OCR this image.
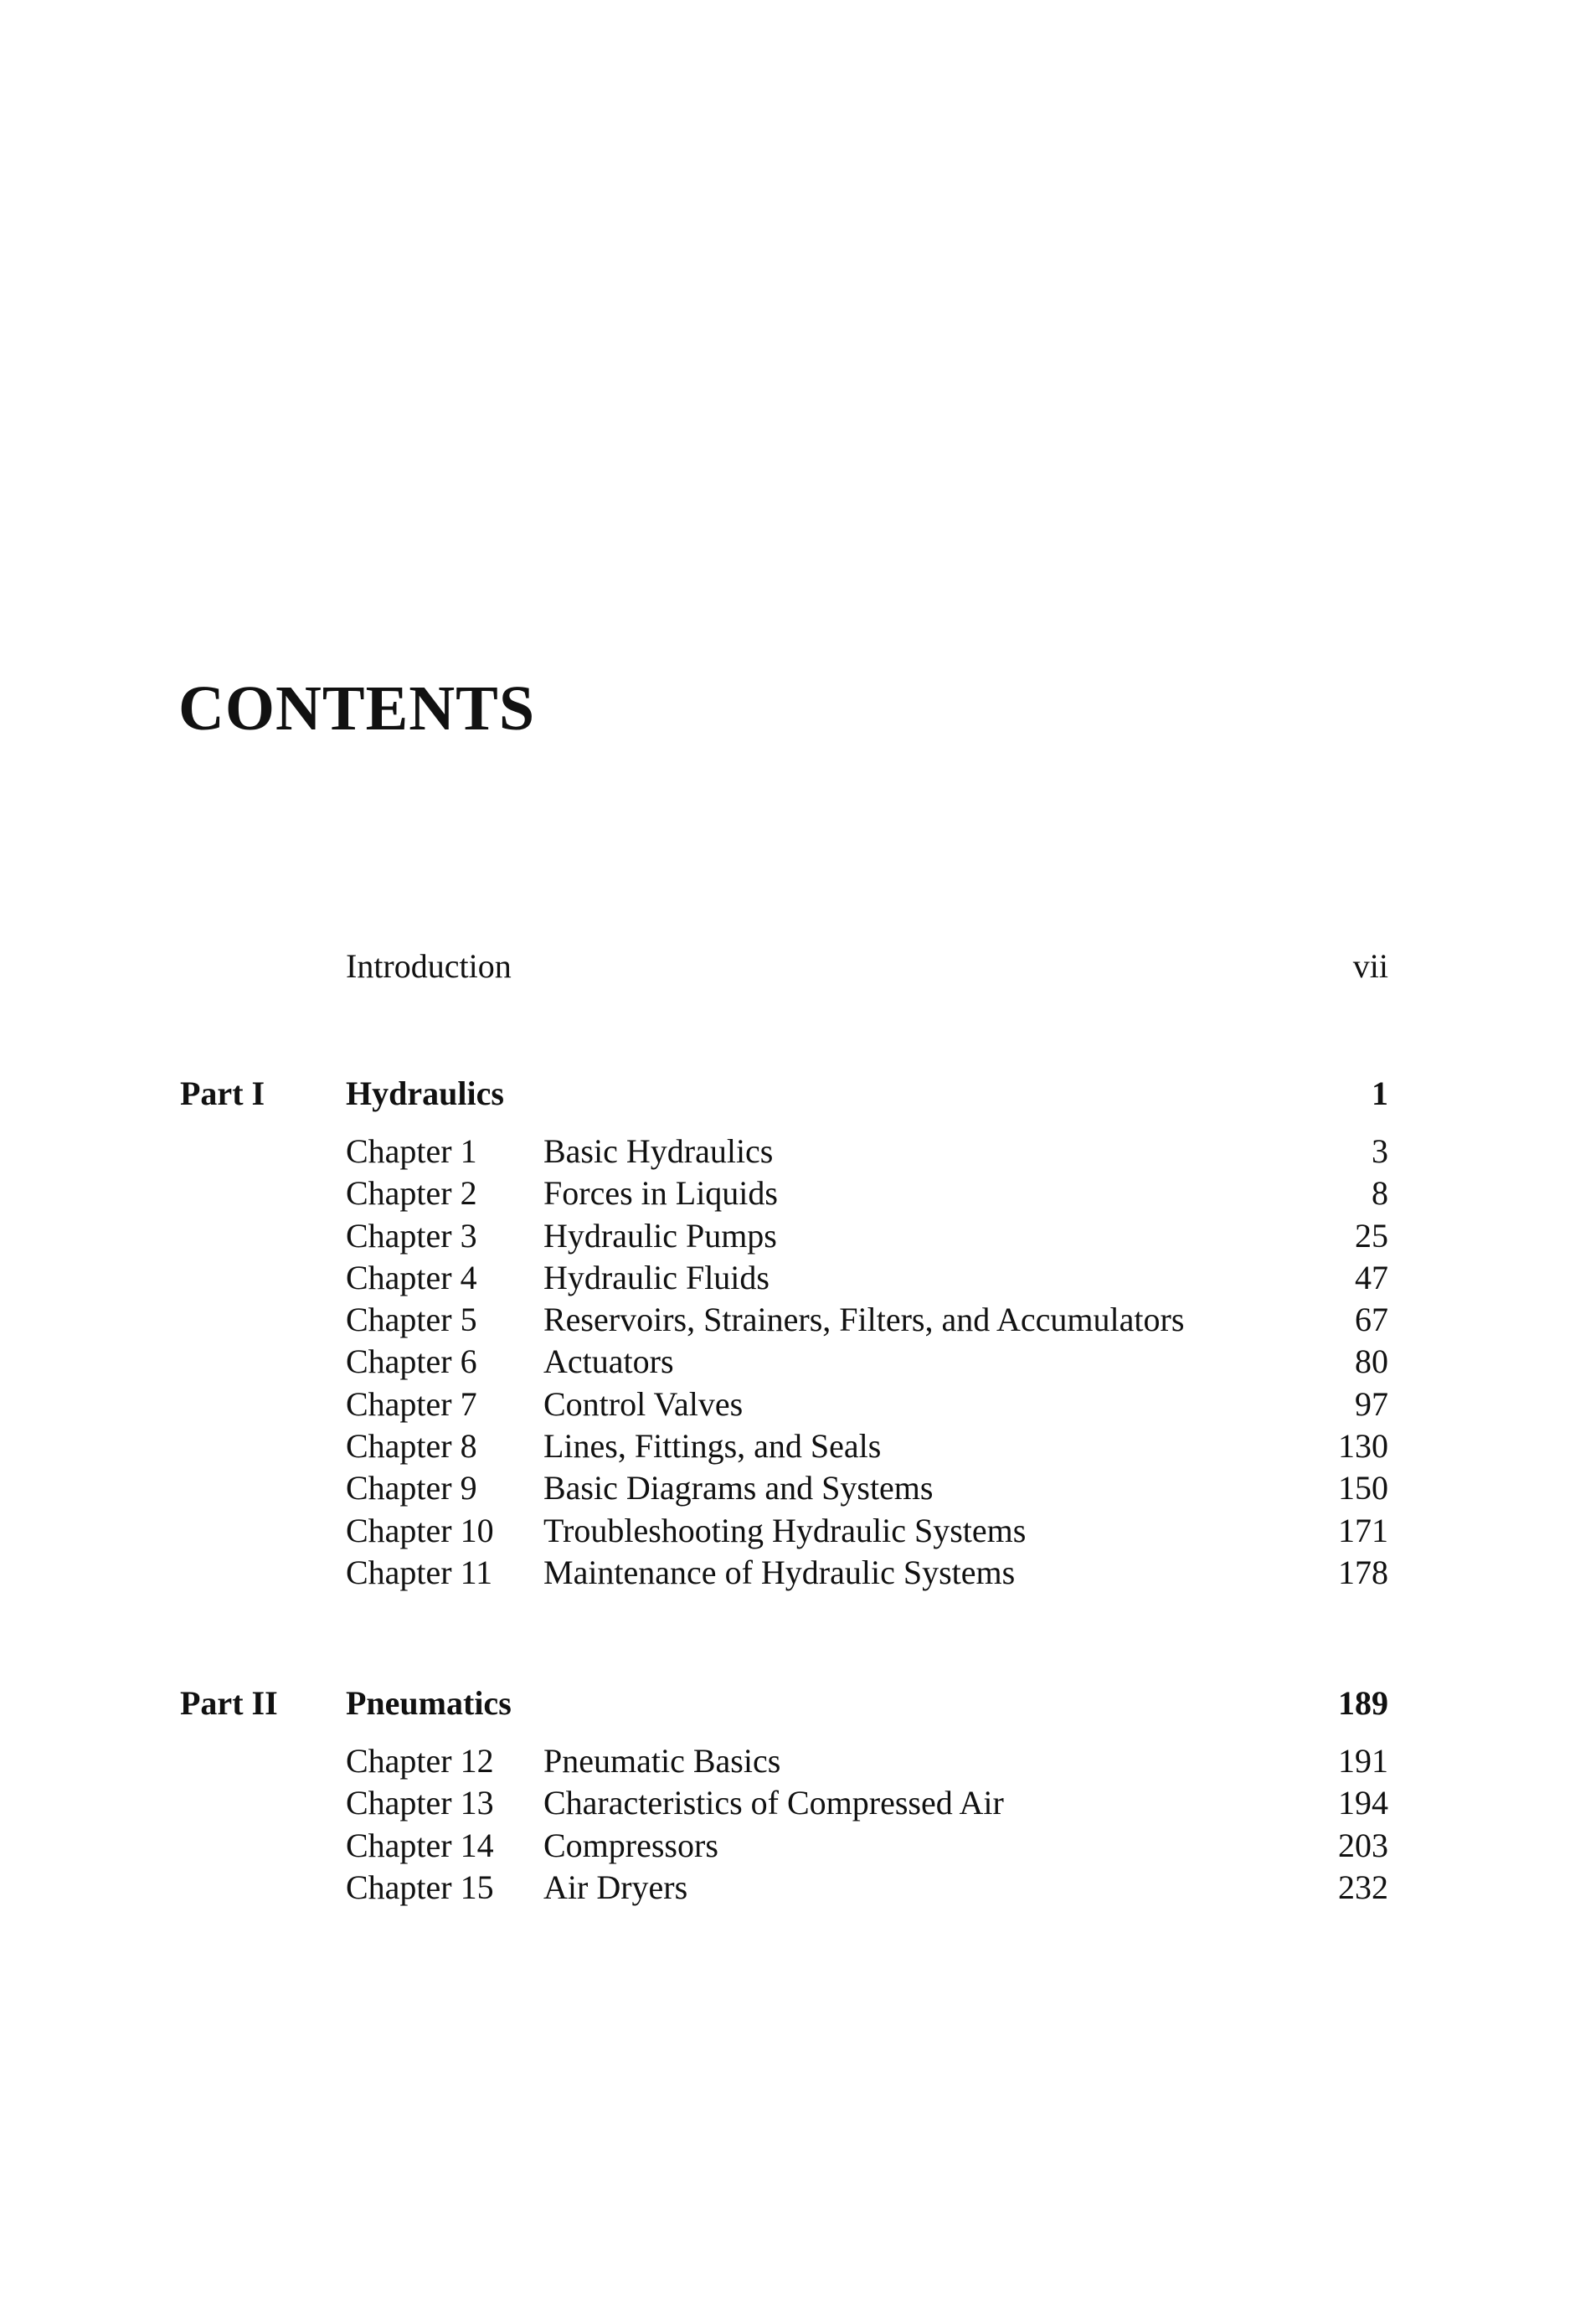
CONTENTS
Introduction	vii
Part I Hydraulics	1
Chapter 1 Basic Hydraulics	3
Chapter 2 Forces in Liquids	8
Chapter 3 Hydraulic Pumps	25
Chapter 4 Hydraulic Fluids	47
Chapter 5 Reservoirs, Strainers, Filters, and Accumulators	67
Chapter 6 Actuators	80
Chapter 7 Control Valves	97
Chapter 8 Lines, Fittings, and Seals	130
Chapter 9 Basic Diagrams and Systems	150
Chapter 10 Troubleshooting Hydraulic Systems	171
Chapter 11 Maintenance of Hydraulic Systems	178
Part II Pneumatics	189
Chapter 12 Pneumatic Basics	191
Chapter 13 Characteristics of Compressed Air	194
Chapter 14 Compressors	203
Chapter 15 Air Dryers	232
